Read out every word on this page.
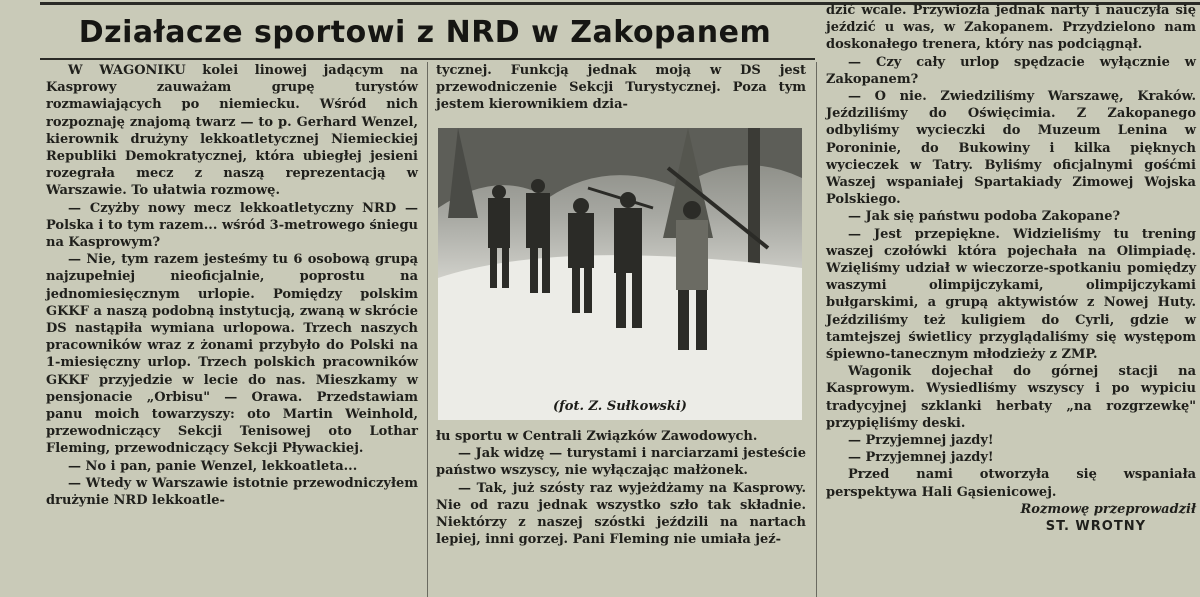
Działacze sportowi z NRD w Zakopanem

W WAGONIKU kolei linowej jadącym na Kasprowy zauważam grupę turystów rozmawiających po niemiecku. Wśród nich rozpoznaję znajomą twarz — to p. Gerhard Wenzel, kierownik drużyny lekkoatletycznej Niemieckiej Republiki Demokratycznej, która ubiegłej jesieni rozegrała mecz z naszą reprezentacją w Warszawie. To ułatwia rozmowę.

— Czyżby nowy mecz lekkoatletyczny NRD — Polska i to tym razem... wśród 3-metrowego śniegu na Kasprowym?

— Nie, tym razem jesteśmy tu 6 osobową grupą najzupełniej nieoficjalnie, poprostu na jednomiesięcznym urlopie. Pomiędzy polskim GKKF a naszą podobną instytucją, zwaną w skrócie DS nastąpiła wymiana urlopowa. Trzech naszych pracowników wraz z żonami przybyło do Polski na 1-miesięczny urlop. Trzech polskich pracowników GKKF przyjedzie w lecie do nas. Mieszkamy w pensjonacie „Orbisu" — Orawa. Przedstawiam panu moich towarzyszy: oto Martin Weinhold, przewodniczący Sekcji Tenisowej oto Lothar Fleming, przewodniczący Sekcji Pływackiej.

— No i pan, panie Wenzel, lekkoatleta...

— Wtedy w Warszawie istotnie przewodniczyłem drużynie NRD lekkoatle-

tycznej. Funkcją jednak moją w DS jest przewodniczenie Sekcji Turystycznej. Poza tym jestem kierownikiem dzia-

(fot. Z. Sułkowski)

łu sportu w Centrali Związków Zawodowych.

— Jak widzę — turystami i narciarzami jesteście państwo wszyscy, nie wyłączając małżonek.

— Tak, już szósty raz wyjeżdżamy na Kasprowy. Nie od razu jednak wszystko szło tak składnie. Niektórzy z naszej szóstki jeździli na nartach lepiej, inni gorzej. Pani Fleming nie umiała jeź-

dzić wcale. Przywiozła jednak narty i nauczyła się jeździć u was, w Zakopanem. Przydzielono nam doskonałego trenera, który nas podciągnął.

— Czy cały urlop spędzacie wyłącznie w Zakopanem?

— O nie. Zwiedziliśmy Warszawę, Kraków. Jeździliśmy do Oświęcimia. Z Zakopanego odbyliśmy wycieczki do Muzeum Lenina w Poroninie, do Bukowiny i kilka pięknych wycieczek w Tatry. Byliśmy oficjalnymi gośćmi Waszej wspaniałej Spartakiady Zimowej Wojska Polskiego.

— Jak się państwu podoba Zakopane?

— Jest przepiękne. Widzieliśmy tu trening waszej czołówki która pojechała na Olimpiadę. Wzięliśmy udział w wieczorze-spotkaniu pomiędzy waszymi olimpijczykami, olimpijczykami bułgarskimi, a grupą aktywistów z Nowej Huty. Jeździliśmy też kuligiem do Cyrli, gdzie w tamtejszej świetlicy przyglądaliśmy się występom śpiewno-tanecznym młodzieży z ZMP.

Wagonik dojechał do górnej stacji na Kasprowym. Wysiedliśmy wszyscy i po wypiciu tradycyjnej szklanki herbaty „na rozgrzewkę" przypięliśmy deski.

— Przyjemnej jazdy!

— Przyjemnej jazdy!

Przed nami otworzyła się wspaniała perspektywa Hali Gąsienicowej.

Rozmowę przeprowadził
ST. WROTNY
